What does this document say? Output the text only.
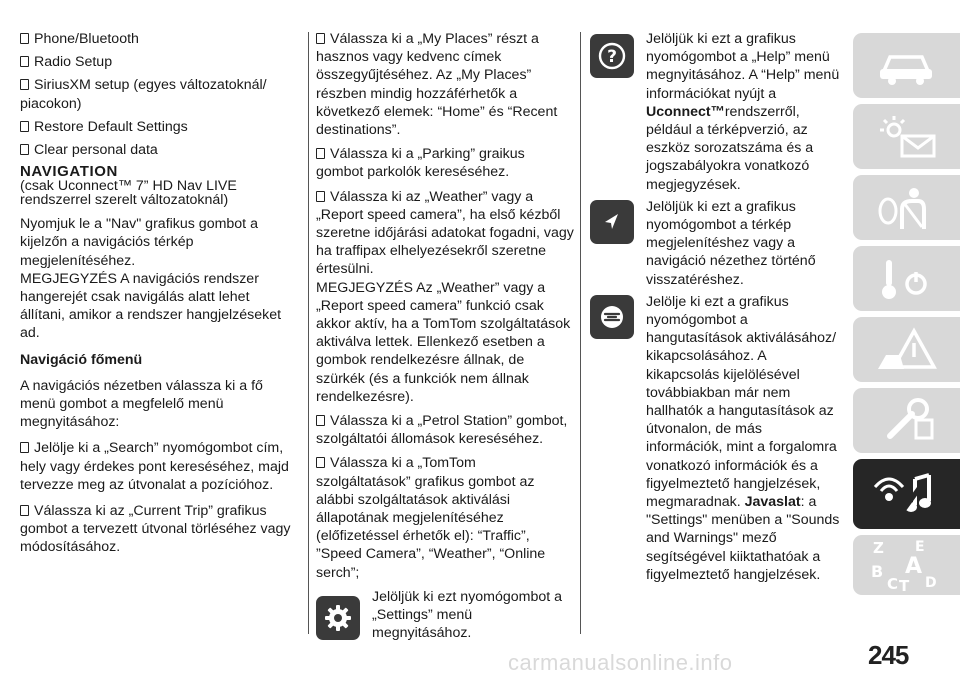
Phone/Bluetooth

Radio Setup

SiriusXM setup (egyes változatoknál/ piacokon)

Restore Default Settings

Clear personal data

NAVIGATION
(csak Uconnect™ 7” HD Nav LIVE rendszerrel szerelt változatoknál)

Nyomjuk le a "Nav" grafikus gombot a kijelzőn a navigációs térkép megjelenítéséhez.

MEGJEGYZÉS A navigációs rendszer hangerejét csak navigálás alatt lehet állítani, amikor a rendszer hangjelzéseket ad.

Navigáció főmenü

A navigációs nézetben válassza ki a fő menü gombot a megfelelő menü megnyitásához:

Jelölje ki a „Search” nyomógombot cím, hely vagy érdekes pont kereséséhez, majd tervezze meg az útvonalat a pozícióhoz.

Válassza ki az „Current Trip” grafikus gombot a tervezett útvonal törléséhez vagy módosításához.

Válassza ki a „My Places” részt a hasznos vagy kedvenc címek összegyűjtéséhez. Az „My Places” részben mindig hozzáférhetők a következő elemek: “Home” és “Recent destinations”.

Válassza ki a „Parking” graikus gombot parkolók kereséséhez.

Válassza ki az „Weather” vagy a „Report speed camera”, ha első kézből szeretne időjárási adatokat fogadni, vagy ha traffipax elhelyezésekről szeretne értesülni.

MEGJEGYZÉS Az „Weather” vagy a „Report speed camera” funkció csak akkor aktív, ha a TomTom szolgáltatások aktiválva lettek. Ellenkező esetben a gombok rendelkezésre állnak, de szürkék (és a funkciók nem állnak rendelkezésre).

Válassza ki a „Petrol Station” gombot, szolgáltatói állomások kereséséhez.

Válassza ki a „TomTom szolgáltatások” grafikus gombot az alábbi szolgáltatások aktiválási állapotának megjelenítéséhez (előfizetéssel érhetők el): “Traffic”, ”Speed Camera”, “Weather”, “Online serch”;

Jelöljük ki ezt nyomógombot a „Settings” menü megnyitásához.
?
Jelöljük ki ezt a grafikus nyomógombot a „Help” menü megnyitásához. A “Help” menü információkat nyújt a Uconnect™rendszerről, például a térképverzió, az eszköz sorozatszáma és a jogszabályokra vonatkozó megjegyzések.
Jelöljük ki ezt a grafikus nyomógombot a térkép megjelenítéshez vagy a navigáció nézethez történő visszatéréshez.
Jelölje ki ezt a grafikus nyomógombot a hangutasítások aktiválásához/ kikapcsolásához. A kikapcsolás kijelölésével továbbiakban már nem hallhatók a hangutasítások az útvonalon, de más információk, mint a forgalomra vonatkozó információk és a figyelmeztető hangjelzések, megmaradnak. Javaslat: a "Settings" menüben a "Sounds and Warnings" mező segítségével kiiktathatóak a figyelmeztető hangjelzések.
Z E
B A
C T D
245
carmanualsonline.info
